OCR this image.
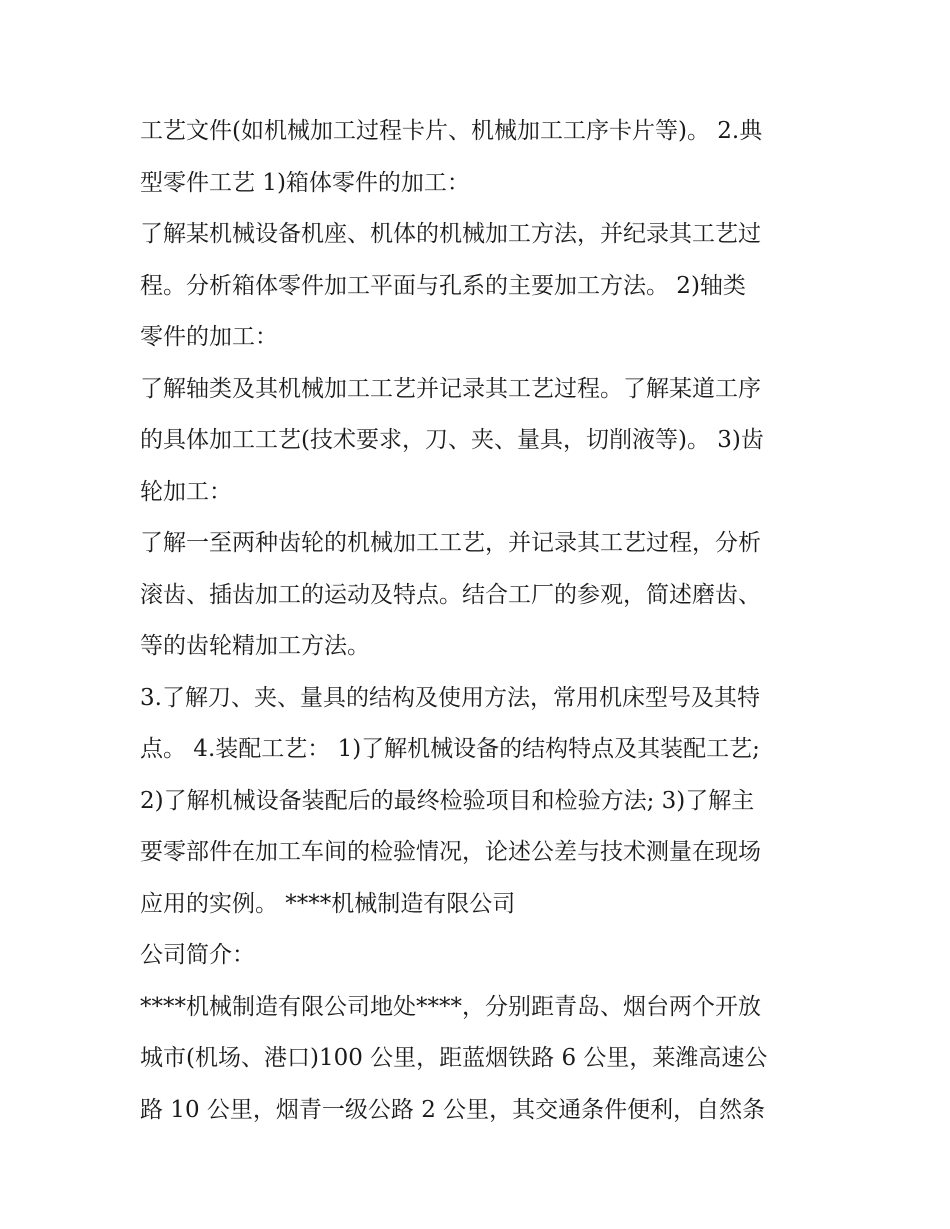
工艺文件(如机械加工过程卡片、机械加工工序卡片等)。 2.典
型零件工艺 1)箱体零件的加工：
了解某机械设备机座、机体的机械加工方法，并纪录其工艺过
程。分析箱体零件加工平面与孔系的主要加工方法。 2)轴类
零件的加工：
了解轴类及其机械加工工艺并记录其工艺过程。了解某道工序
的具体加工工艺(技术要求，刀、夹、量具，切削液等)。 3)齿
轮加工：
了解一至两种齿轮的机械加工工艺，并记录其工艺过程，分析
滚齿、插齿加工的运动及特点。结合工厂的参观，简述磨齿、
等的齿轮精加工方法。
3.了解刀、夹、量具的结构及使用方法，常用机床型号及其特
点。 4.装配工艺： 1)了解机械设备的结构特点及其装配工艺;
2)了解机械设备装配后的最终检验项目和检验方法; 3)了解主
要零部件在加工车间的检验情况，论述公差与技术测量在现场
应用的实例。 ****机械制造有限公司
公司简介：
****机械制造有限公司地处****，分别距青岛、烟台两个开放
城市(机场、港口)100 公里，距蓝烟铁路 6 公里，莱潍高速公
路 10 公里，烟青一级公路 2 公里，其交通条件便利，自然条
